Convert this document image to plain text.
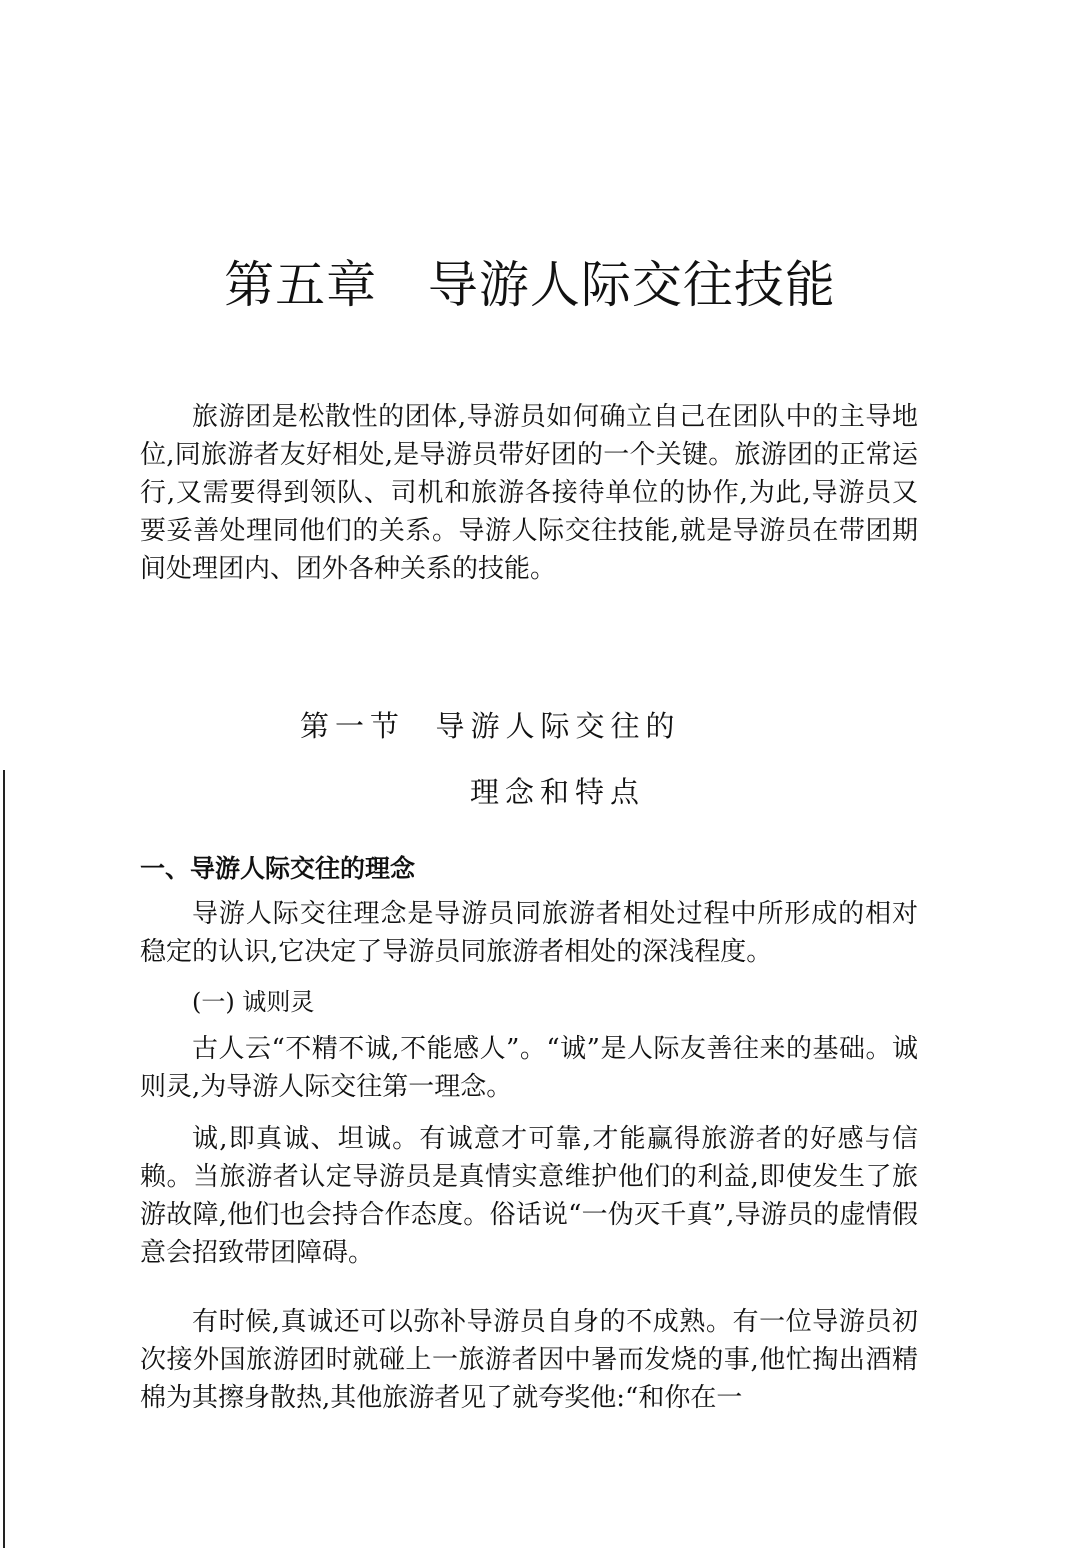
第五章 导游人际交往技能

旅游团是松散性的团体,导游员如何确立自己在团队中的主导地位,同旅游者友好相处,是导游员带好团的一个关键。旅游团的正常运行,又需要得到领队、司机和旅游各接待单位的协作,为此,导游员又要妥善处理同他们的关系。导游人际交往技能,就是导游员在带团期间处理团内、团外各种关系的技能。

第一节 导游人际交往的
理念和特点
一、导游人际交往的理念

导游人际交往理念是导游员同旅游者相处过程中所形成的相对稳定的认识,它决定了导游员同旅游者相处的深浅程度。

(一) 诚则灵

古人云“不精不诚,不能感人”。“诚”是人际友善往来的基础。诚则灵,为导游人际交往第一理念。

诚,即真诚、坦诚。有诚意才可靠,才能赢得旅游者的好感与信赖。当旅游者认定导游员是真情实意维护他们的利益,即使发生了旅游故障,他们也会持合作态度。俗话说“一伪灭千真”,导游员的虚情假意会招致带团障碍。

有时候,真诚还可以弥补导游员自身的不成熟。有一位导游员初次接外国旅游团时就碰上一旅游者因中暑而发烧的事,他忙掏出酒精棉为其擦身散热,其他旅游者见了就夸奖他:“和你在一
